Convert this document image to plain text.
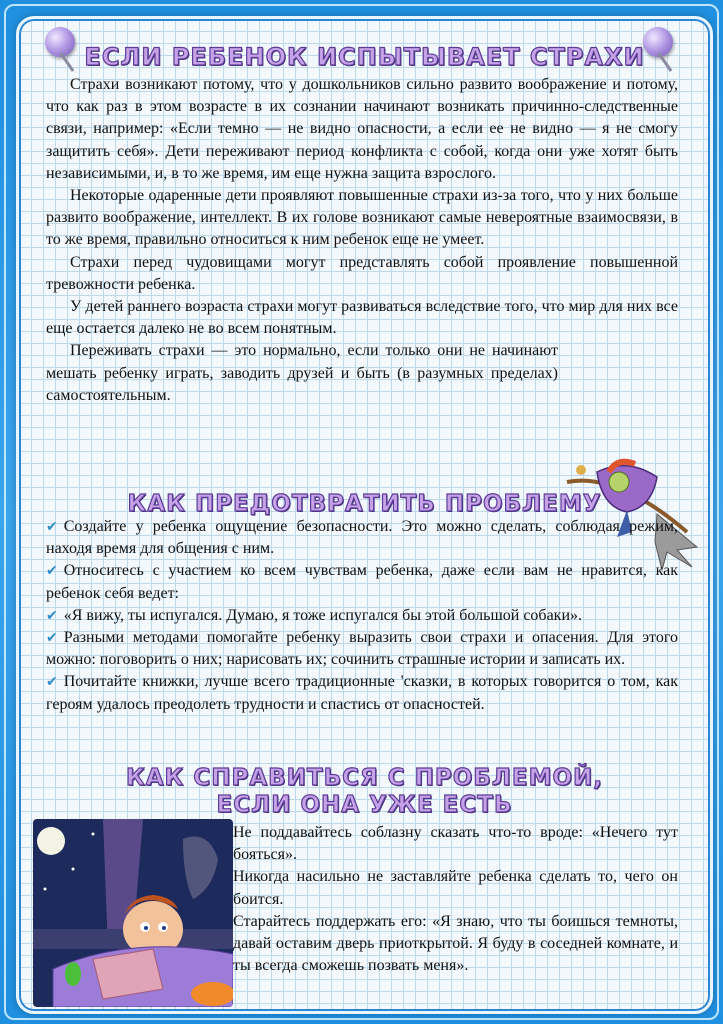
ЕСЛИ РЕБЕНОК ИСПЫТЫВАЕТ СТРАХИ

Страхи возникают потому, что у дошкольников сильно развито воображение и потому, что как раз в этом возрасте в их сознании начинают возникать причинно-следственные связи, например: «Если темно — не видно опасности, а если ее не видно — я не смогу защитить себя». Дети переживают период конфликта с собой, когда они уже хотят быть независимыми, и, в то же время, им еще нужна защита взрослого.

Некоторые одаренные дети проявляют повышенные страхи из-за того, что у них больше развито воображение, интеллект. В их голове возникают самые невероятные взаимосвязи, в то же время, правильно относиться к ним ребенок еще не умеет.

Страхи перед чудовищами могут представлять собой проявление повышенной тревожности ребенка.

У детей раннего возраста страхи могут развиваться вследствие того, что мир для них все еще остается далеко не во всем понятным.

Переживать страхи — это нормально, если только они не начинают мешать ребенку играть, заводить друзей и быть (в разумных пределах) самостоятельным.

КАК ПРЕДОТВРАТИТЬ ПРОБЛЕМУ

✔ Создайте у ребенка ощущение безопасности. Это можно сделать, соблюдая режим, находя время для общения с ним.

✔ Относитесь с участием ко всем чувствам ребенка, даже если вам не нравится, как ребенок себя ведет:

✔ «Я вижу, ты испугался. Думаю, я тоже испугался бы этой большой собаки».

✔ Разными методами помогайте ребенку выразить свои страхи и опасения. Для этого можно: поговорить о них; нарисовать их; сочинить страшные истории и записать их.

✔ Почитайте книжки, лучше всего традиционные 'сказки, в которых говорится о том, как героям удалось преодолеть трудности и спастись от опасностей.

КАК СПРАВИТЬСЯ С ПРОБЛЕМОЙ,
ЕСЛИ ОНА УЖЕ ЕСТЬ

Не поддавайтесь соблазну сказать что-то вроде: «Нечего тут бояться».

Никогда насильно не заставляйте ребенка сделать то, чего он боится.

Старайтесь поддержать его: «Я знаю, что ты боишься темноты, давай оставим дверь приоткрытой. Я буду в соседней комнате, и ты всегда сможешь позвать меня».
